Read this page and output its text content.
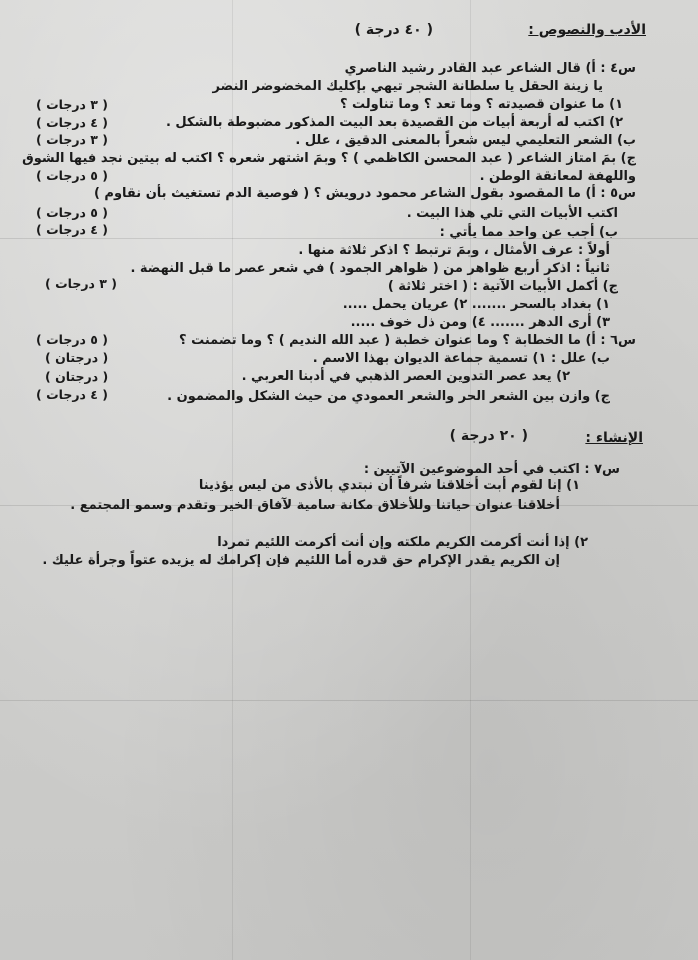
الأدب والنصوص :
( ٤٠ درجة )
س٤ : أ) قال الشاعر عبد القادر رشيد الناصري
يا زينة الحقل يا سلطانة الشجر تيهي بإكليك المخضوضر النضر
١) ما عنوان قصيدته ؟ وما تعد ؟ وما تناولت ؟
( ٣ درجات )
٢) اكتب له أربعة أبيات من القصيدة بعد البيت المذكور مضبوطة بالشكل .
( ٤ درجات )
ب) الشعر التعليمي ليس شعراً بالمعنى الدقيق ، علل .
( ٣ درجات )
ج) بمَ امتاز الشاعر ( عبد المحسن الكاظمي ) ؟ وبمَ اشتهر شعره ؟ اكتب له بيتين نجد فيها الشوق
واللهفة لمعانقة الوطن .
( ٥ درجات )
س٥ : أ) ما المقصود بقول الشاعر محمود درويش ؟ ( فوصية الدم تستغيث بأن نقاوم )
اكتب الأبيات التي تلي هذا البيت .
( ٥ درجات )
ب) أجب عن واحد مما يأتي :
( ٤ درجات )
أولاً : عرف الأمثال ، وبمَ ترتبط ؟ اذكر ثلاثة منها .
ثانياً : اذكر أربع ظواهر من ( ظواهر الجمود ) في شعر عصر ما قبل النهضة .
ج) أكمل الأبيات الآتية : ( اختر ثلاثة )
( ٣ درجات )
١) بغداد بالسحر ....... ٢) عريان يحمل .....
٣) أرى الدهر ....... ٤) ومن ذل خوف .....
س٦ : أ) ما الخطابة ؟ وما عنوان خطبة ( عبد الله النديم ) ؟ وما تضمنت ؟
( ٥ درجات )
ب) علل : ١) تسمية جماعة الديوان بهذا الاسم .
( درجتان )
٢) يعد عصر التدوين العصر الذهبي في أدبنا العربي .
( درجتان )
ج) وازن بين الشعر الحر والشعر العمودي من حيث الشكل والمضمون .
( ٤ درجات )
الإنشاء :
( ٢٠ درجة )
س٧ : اكتب في أحد الموضوعين الآتيين :
١) إنا لقوم أبت أخلاقنا شرفاً أن نبتدي بالأذى من ليس يؤذينا
أخلاقنا عنوان حياتنا وللأخلاق مكانة سامية لآفاق الخير وتقدم وسمو المجتمع .
٢) إذا أنت أكرمت الكريم ملكته وإن أنت أكرمت اللئيم تمردا
إن الكريم يقدر الإكرام حق قدره أما اللئيم فإن إكرامك له يزيده عتواً وجرأة عليك .
